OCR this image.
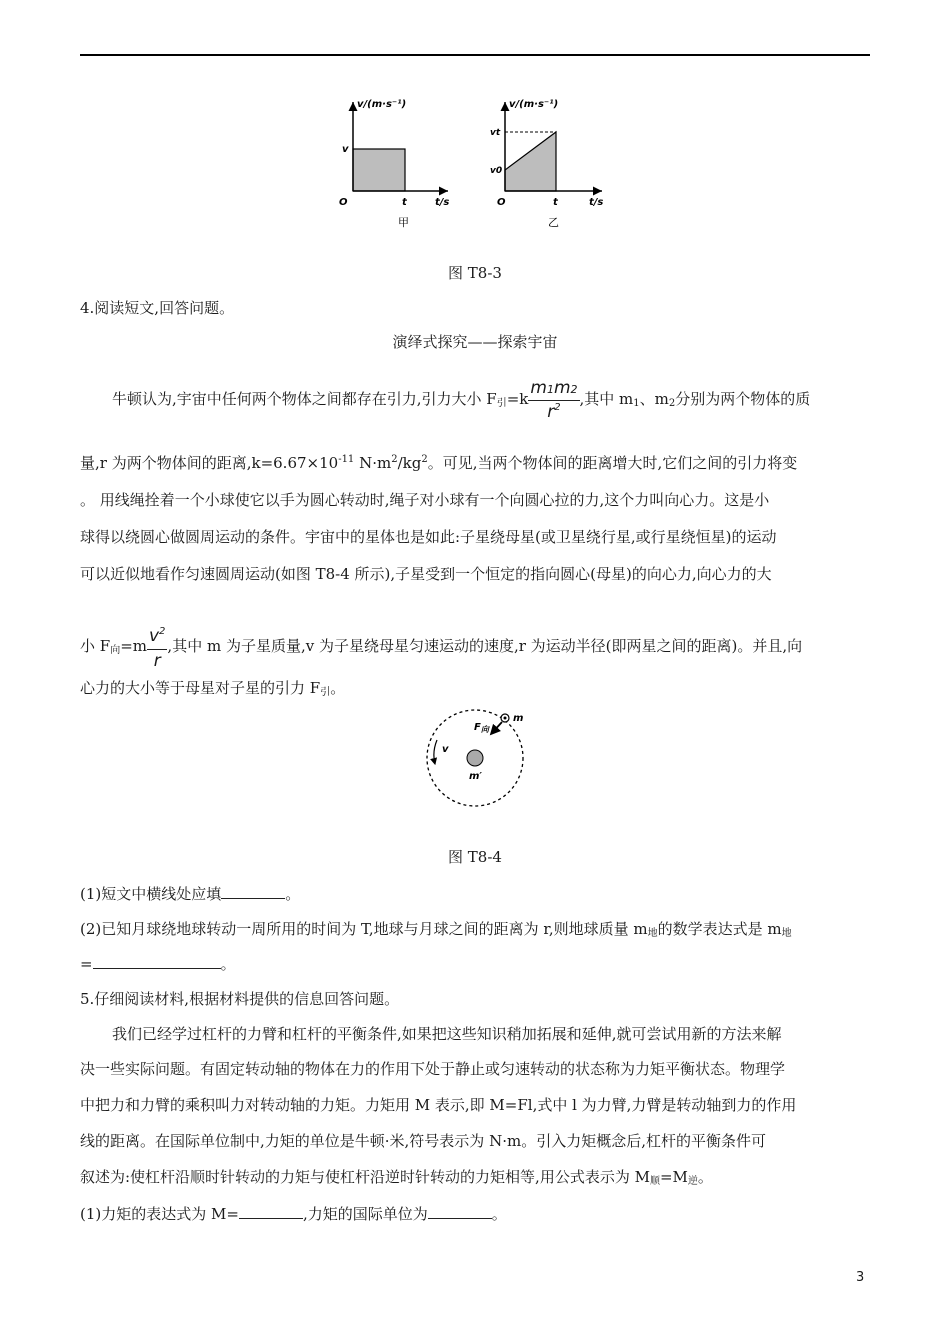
v/(m·s⁻¹)
t/s
O
v
t
甲
v/(m·s⁻¹)
t/s
O
vt
v0
t
乙
图 T8-3
4.阅读短文,回答问题。
演绎式探究——探索宇宙
牛顿认为,宇宙中任何两个物体之间都存在引力,引力大小 F引$=k \frac{m1m2}{r^2}$ ,其中 m1、m2分别为两个物体的质
量,r 为两个物体间的距离$,k=6.67\times 10^{-11}$ $N\cdot m^2/kg^2$。可见,当两个物体间的距离增大时,它们之间的引力将变
。 用线绳拴着一个小球使它以手为圆心转动时,绳子对小球有一个向圆心拉的力,这个力叫向心力。这是小
球得以绕圆心做圆周运动的条件。宇宙中的星体也是如此:子星绕母星(或卫星绕行星,或行星绕恒星)的运动
可以近似地看作匀速圆周运动(如图 T8-4 所示),子星受到一个恒定的指向圆心(母星)的向心力,向心力的大
小 F向$=m \frac{v^2}{r}$ ,其中 m 为子星质量,v 为子星绕母星匀速运动的速度,r 为运动半径(即两星之间的距离)。并且,向
心力的大小等于母星对子星的引力 F引。
$F_向$
m
v
m′
图 T8-4
(1)短文中横线处应填	。
(2)已知月球绕地球转动一周所用的时间为 T,地球与月球之间的距离为 r,则地球质量 m地的数学表达式是 m地
=	。
5.仔细阅读材料,根据材料提供的信息回答问题。
我们已经学过杠杆的力臂和杠杆的平衡条件,如果把这些知识稍加拓展和延伸,就可尝试用新的方法来解
决一些实际问题。有固定转动轴的物体在力的作用下处于静止或匀速转动的状态称为力矩平衡状态。物理学
中把力和力臂的乘积叫力对转动轴的力矩。力矩用 M 表示,即 M=Fl,式中 l 为力臂,力臂是转动轴到力的作用
线的距离。在国际单位制中,力矩的单位是牛顿·米,符号表示为 N·m。引入力矩概念后,杠杆的平衡条件可
叙述为:使杠杆沿顺时针转动的力矩与使杠杆沿逆时针转动的力矩相等,用公式表示为 M顺=M逆。
(1)力矩的表达式为 M=	,力矩的国际单位为	。
3
